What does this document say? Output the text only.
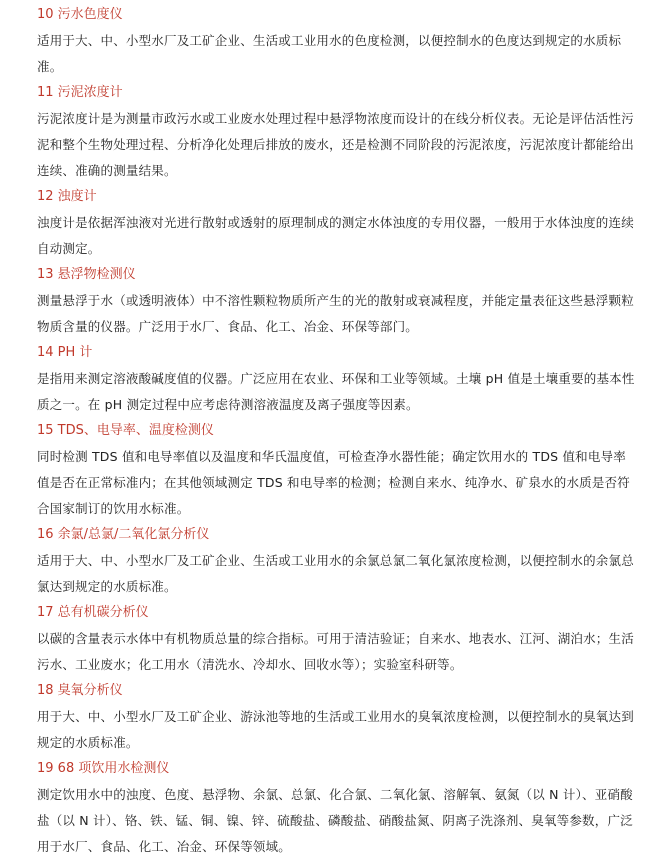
10 污水色度仪

适用于大、中、小型水厂及工矿企业、生活或工业用水的色度检测，以便控制水的色度达到规定的水质标准。

11 污泥浓度计

污泥浓度计是为测量市政污水或工业废水处理过程中悬浮物浓度而设计的在线分析仪表。无论是评估活性污泥和整个生物处理过程、分析净化处理后排放的废水，还是检测不同阶段的污泥浓度，污泥浓度计都能给出连续、准确的测量结果。

12 浊度计

浊度计是依据浑浊液对光进行散射或透射的原理制成的测定水体浊度的专用仪器，一般用于水体浊度的连续自动测定。

13 悬浮物检测仪

测量悬浮于水（或透明液体）中不溶性颗粒物质所产生的光的散射或衰减程度，并能定量表征这些悬浮颗粒物质含量的仪器。广泛用于水厂、食品、化工、冶金、环保等部门。

14 PH 计

是指用来测定溶液酸碱度值的仪器。广泛应用在农业、环保和工业等领域。土壤 pH 值是土壤重要的基本性质之一。在 pH 测定过程中应考虑待测溶液温度及离子强度等因素。

15 TDS、电导率、温度检测仪

同时检测 TDS 值和电导率值以及温度和华氏温度值，可检查净水器性能；确定饮用水的 TDS 值和电导率值是否在正常标准内；在其他领域测定 TDS 和电导率的检测；检测自来水、纯净水、矿泉水的水质是否符合国家制订的饮用水标准。

16 余氯/总氯/二氧化氯分析仪

适用于大、中、小型水厂及工矿企业、生活或工业用水的余氯总氯二氧化氯浓度检测，以便控制水的余氯总氯达到规定的水质标准。

17 总有机碳分析仪

以碳的含量表示水体中有机物质总量的综合指标。可用于清洁验证；自来水、地表水、江河、湖泊水；生活污水、工业废水；化工用水（清洗水、冷却水、回收水等）；实验室科研等。

18 臭氧分析仪

用于大、中、小型水厂及工矿企业、游泳池等地的生活或工业用水的臭氧浓度检测，以便控制水的臭氧达到规定的水质标准。

19 68 项饮用水检测仪

测定饮用水中的浊度、色度、悬浮物、余氯、总氯、化合氯、二氧化氯、溶解氧、氨氮（以 N 计）、亚硝酸盐（以 N 计）、铬、铁、锰、铜、镍、锌、硫酸盐、磷酸盐、硝酸盐氮、阴离子洗涤剂、臭氧等参数，广泛用于水厂、食品、化工、冶金、环保等领域。
